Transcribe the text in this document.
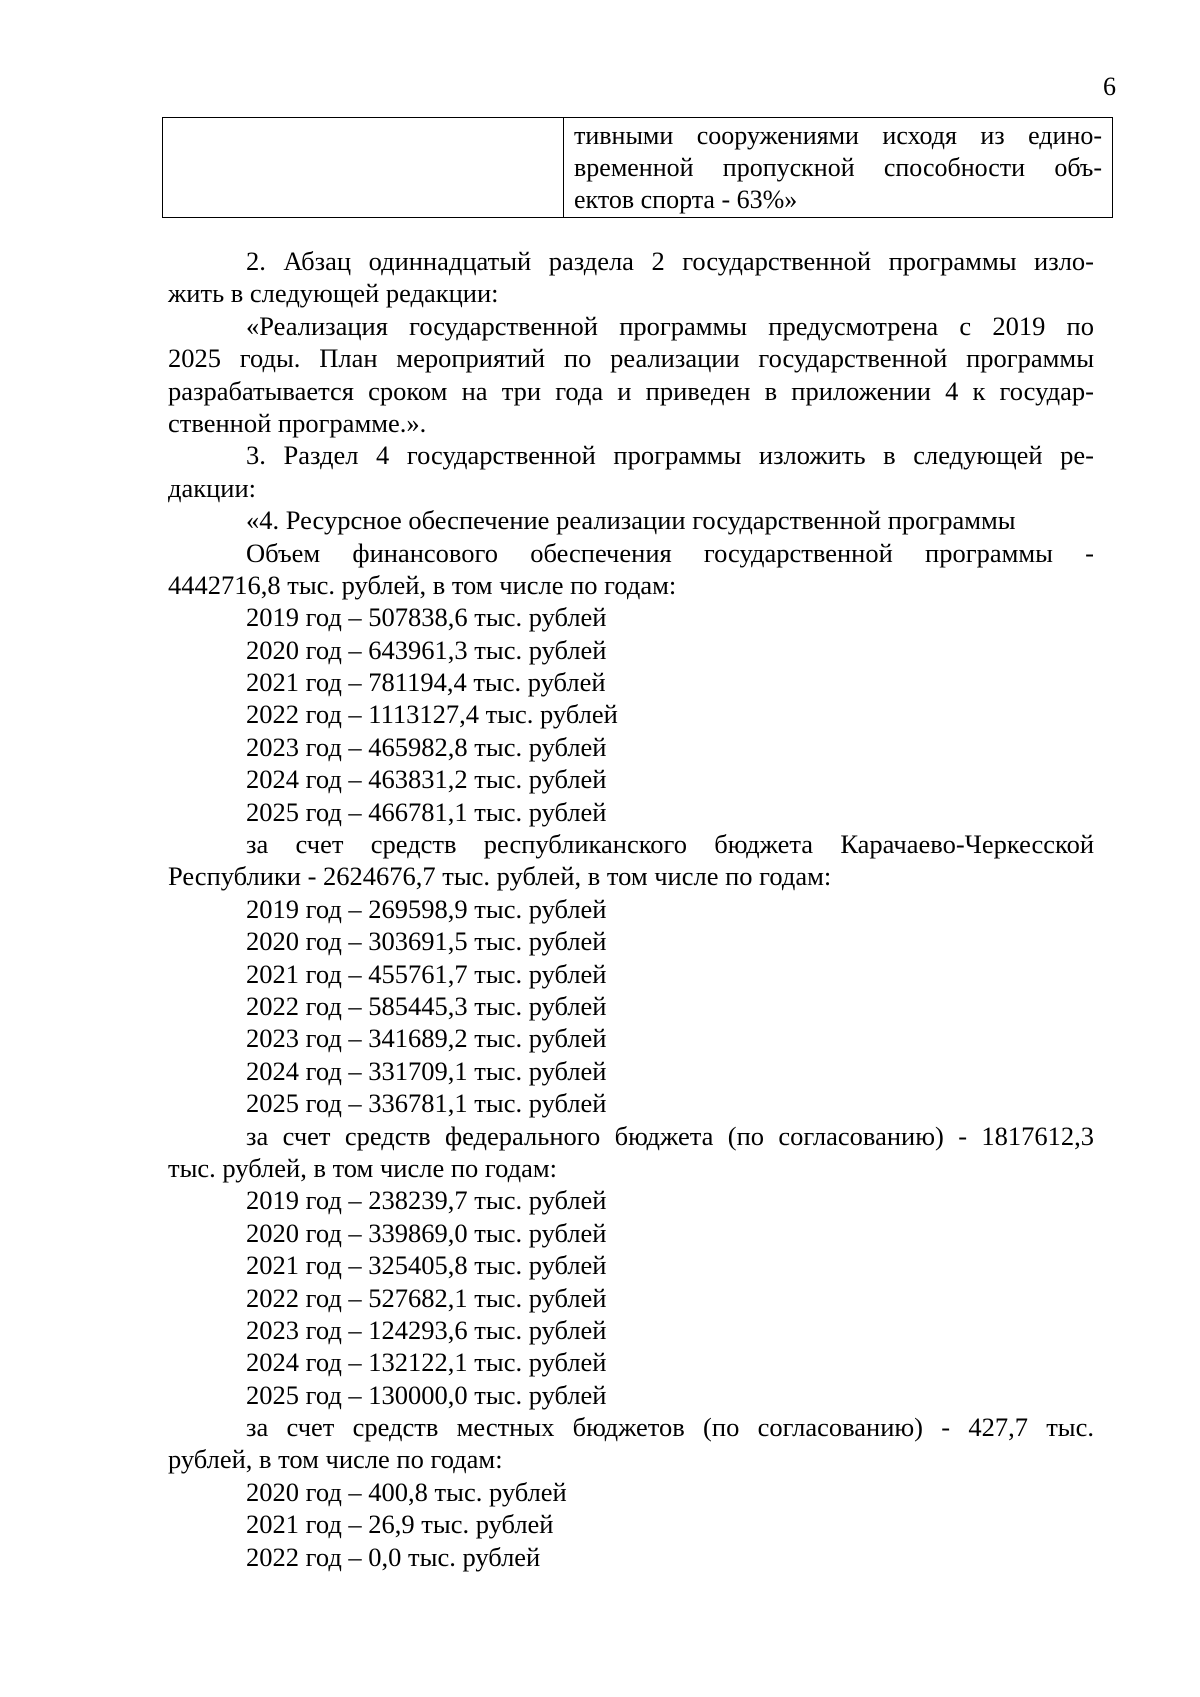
6
тивными сооружениями исходя из едино-
временной пропускной способности объ-
ектов спорта - 63%»
2. Абзац одиннадцатый раздела 2 государственной программы изло-
жить в следующей редакции:
«Реализация государственной программы предусмотрена с 2019 по
2025 годы. План мероприятий по реализации государственной программы
разрабатывается сроком на три года и приведен в приложении 4 к государ-
ственной программе.».
3. Раздел 4 государственной программы изложить в следующей ре-
дакции:
«4. Ресурсное обеспечение реализации государственной программы
Объем финансового обеспечения государственной программы -
4442716,8 тыс. рублей, в том числе по годам:
2019 год – 507838,6 тыс. рублей
2020 год – 643961,3 тыс. рублей
2021 год – 781194,4 тыс. рублей
2022 год – 1113127,4 тыс. рублей
2023 год – 465982,8 тыс. рублей
2024 год – 463831,2 тыс. рублей
2025 год – 466781,1 тыс. рублей
за счет средств республиканского бюджета Карачаево-Черкесской
Республики - 2624676,7 тыс. рублей, в том числе по годам:
2019 год – 269598,9 тыс. рублей
2020 год – 303691,5 тыс. рублей
2021 год – 455761,7 тыс. рублей
2022 год – 585445,3 тыс. рублей
2023 год – 341689,2 тыс. рублей
2024 год – 331709,1 тыс. рублей
2025 год – 336781,1 тыс. рублей
за счет средств федерального бюджета (по согласованию) - 1817612,3
тыс. рублей, в том числе по годам:
2019 год – 238239,7 тыс. рублей
2020 год – 339869,0 тыс. рублей
2021 год – 325405,8 тыс. рублей
2022 год – 527682,1 тыс. рублей
2023 год – 124293,6 тыс. рублей
2024 год – 132122,1 тыс. рублей
2025 год – 130000,0 тыс. рублей
за счет средств местных бюджетов (по согласованию) - 427,7 тыс.
рублей, в том числе по годам:
2020 год – 400,8 тыс. рублей
2021 год – 26,9 тыс. рублей
2022 год – 0,0 тыс. рублей
